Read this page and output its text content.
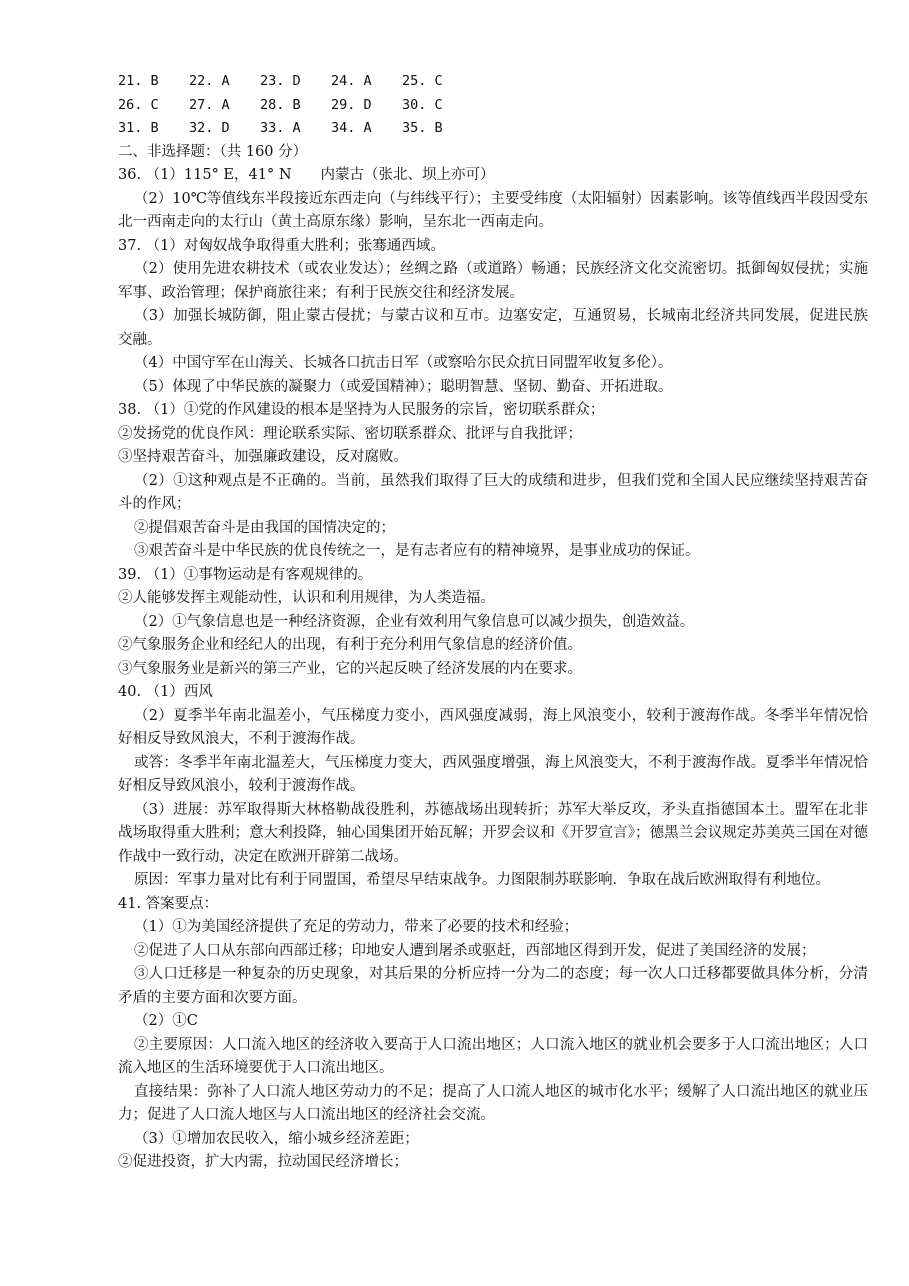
21. B	22. A	23. D	24. A	25. C
26. C	27. A	28. B	29. D	30. C
31. B	32. D	33. A	34. A	35. B

二、非选择题：（共 160 分）

36. （1）115° E，41° N　　内蒙古（张北、坝上亦可）

（2）10℃等值线东半段接近东西走向（与纬线平行）；主要受纬度（太阳辐射）因素影响。该等值线西半段因受东北一西南走向的太行山（黄土高原东缘）影响，呈东北一西南走向。

37. （1）对匈奴战争取得重大胜利；张骞通西域。

（2）使用先进农耕技术（或农业发达）；丝绸之路（或道路）畅通；民族经济文化交流密切。抵御匈奴侵扰；实施军事、政治管理；保护商旅往来；有利于民族交往和经济发展。

（3）加强长城防御，阻止蒙古侵扰；与蒙古议和互市。边塞安定，互通贸易，长城南北经济共同发展，促进民族交融。

（4）中国守军在山海关、长城各口抗击日军（或察哈尔民众抗日同盟军收复多伦）。

（5）体现了中华民族的凝聚力（或爱国精神）；聪明智慧、坚韧、勤奋、开拓进取。

38. （1）①党的作风建设的根本是坚持为人民服务的宗旨，密切联系群众；

②发扬党的优良作风：理论联系实际、密切联系群众、批评与自我批评；

③坚持艰苦奋斗，加强廉政建设，反对腐败。

（2）①这种观点是不正确的。当前，虽然我们取得了巨大的成绩和进步，但我们党和全国人民应继续坚持艰苦奋斗的作风；

②提倡艰苦奋斗是由我国的国情决定的；

③艰苦奋斗是中华民族的优良传统之一，是有志者应有的精神境界，是事业成功的保证。

39. （1）①事物运动是有客观规律的。

②人能够发挥主观能动性，认识和利用规律，为人类造福。

（2）①气象信息也是一种经济资源，企业有效利用气象信息可以减少损失，创造效益。

②气象服务企业和经纪人的出现，有利于充分利用气象信息的经济价值。

③气象服务业是新兴的第三产业，它的兴起反映了经济发展的内在要求。

40. （1）西风

（2）夏季半年南北温差小，气压梯度力变小，西风强度减弱，海上风浪变小，较利于渡海作战。冬季半年情况恰好相反导致风浪大，不利于渡海作战。

或答：冬季半年南北温差大，气压梯度力变大，西风强度增强，海上风浪变大，不利于渡海作战。夏季半年情况恰好相反导致风浪小，较利于渡海作战。

（3）进展：苏军取得斯大林格勒战役胜利，苏德战场出现转折；苏军大举反攻，矛头直指德国本土。盟军在北非战场取得重大胜利；意大利投降，轴心国集团开始瓦解；开罗会议和《开罗宣言》；德黑兰会议规定苏美英三国在对德作战中一致行动，决定在欧洲开辟第二战场。

原因：军事力量对比有利于同盟国，希望尽早结束战争。力图限制苏联影响．争取在战后欧洲取得有利地位。

41. 答案要点：

（1）①为美国经济提供了充足的劳动力，带来了必要的技术和经验；

②促进了人口从东部向西部迁移；印地安人遭到屠杀或驱赶，西部地区得到开发，促进了美国经济的发展；

③人口迁移是一种复杂的历史现象，对其后果的分析应持一分为二的态度；每一次人口迁移都要做具体分析，分清矛盾的主要方面和次要方面。

（2）①C

②主要原因：人口流入地区的经济收入要高于人口流出地区；人口流入地区的就业机会要多于人口流出地区；人口流入地区的生活环境要优于人口流出地区。

直接结果：弥补了人口流人地区劳动力的不足；提高了人口流人地区的城市化水平；缓解了人口流出地区的就业压力；促进了人口流人地区与人口流出地区的经济社会交流。

（3）①增加农民收入，缩小城乡经济差距；

②促进投资，扩大内需，拉动国民经济增长；
